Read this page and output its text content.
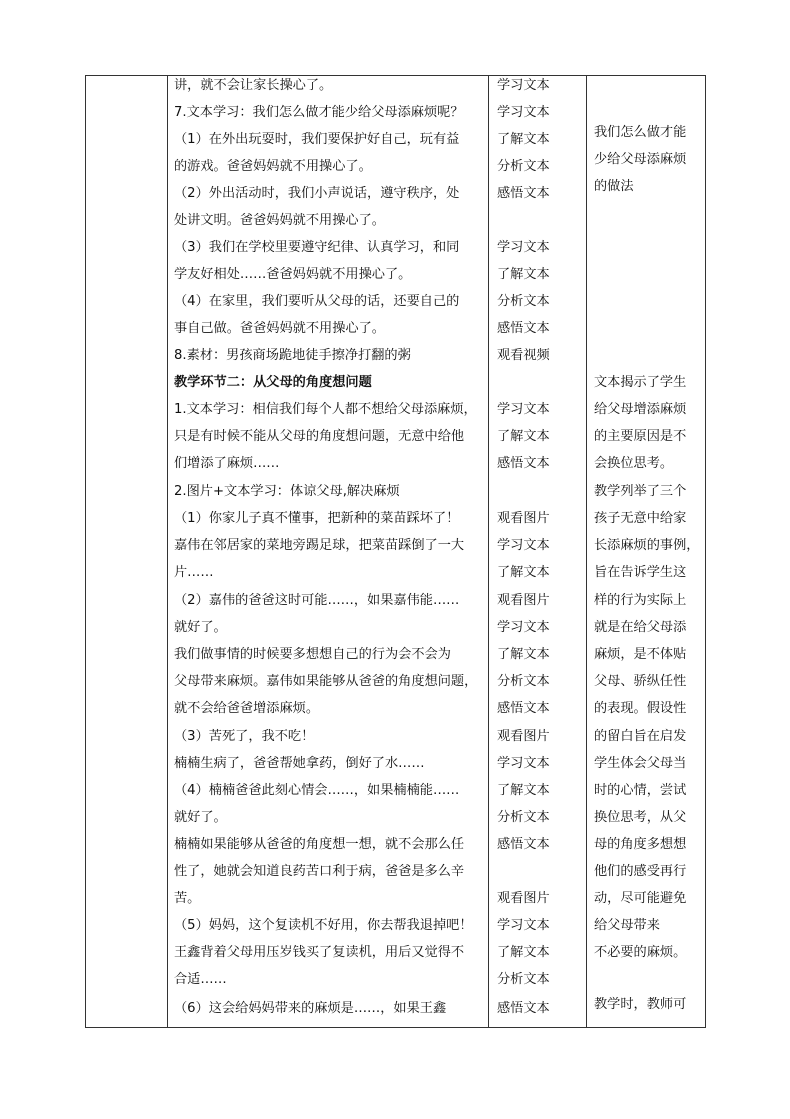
讲，就不会让家长操心了。
7.文本学习：我们怎么做才能少给父母添麻烦呢？
（1）在外出玩耍时，我们要保护好自己，玩有益
的游戏。爸爸妈妈就不用操心了。
（2）外出活动时，我们小声说话，遵守秩序，处
处讲文明。爸爸妈妈就不用操心了。
（3）我们在学校里要遵守纪律、认真学习，和同
学友好相处……爸爸妈妈就不用操心了。
（4）在家里，我们要听从父母的话，还要自己的
事自己做。爸爸妈妈就不用操心了。
8.素材：男孩商场跪地徒手擦净打翻的粥
教学环节二：从父母的角度想问题
1.文本学习：相信我们每个人都不想给父母添麻烦，
只是有时候不能从父母的角度想问题，无意中给他
们增添了麻烦……
2.图片+文本学习：体谅父母,解决麻烦
（1）你家儿子真不懂事，把新种的菜苗踩坏了！
嘉伟在邻居家的菜地旁踢足球，把菜苗踩倒了一大
片……
（2）嘉伟的爸爸这时可能……，如果嘉伟能……
就好了。
我们做事情的时候要多想想自己的行为会不会为
父母带来麻烦。嘉伟如果能够从爸爸的角度想问题，
就不会给爸爸增添麻烦。
（3）苦死了，我不吃！
楠楠生病了，爸爸帮她拿药，倒好了水……
（4）楠楠爸爸此刻心情会……，如果楠楠能……
就好了。
楠楠如果能够从爸爸的角度想一想，就不会那么任
性了，她就会知道良药苦口利于病，爸爸是多么辛
苦。
（5）妈妈，这个复读机不好用，你去帮我退掉吧！
王鑫背着父母用压岁钱买了复读机，用后又觉得不
合适……
（6）这会给妈妈带来的麻烦是……，如果王鑫
学习文本
学习文本
了解文本
分析文本
感悟文本
学习文本
了解文本
分析文本
感悟文本
观看视频
学习文本
了解文本
感悟文本
观看图片
学习文本
了解文本
观看图片
学习文本
了解文本
分析文本
感悟文本
观看图片
学习文本
了解文本
分析文本
感悟文本
观看图片
学习文本
了解文本
分析文本
感悟文本
我们怎么做才能
少给父母添麻烦
的做法
文本揭示了学生
给父母增添麻烦
的主要原因是不
会换位思考。
教学列举了三个
孩子无意中给家
长添麻烦的事例，
旨在告诉学生这
样的行为实际上
就是在给父母添
麻烦，是不体贴
父母、骄纵任性
的表现。假设性
的留白旨在启发
学生体会父母当
时的心情，尝试
换位思考，从父
母的角度多想想
他们的感受再行
动，尽可能避免
给父母带来
不必要的麻烦。
教学时，教师可
